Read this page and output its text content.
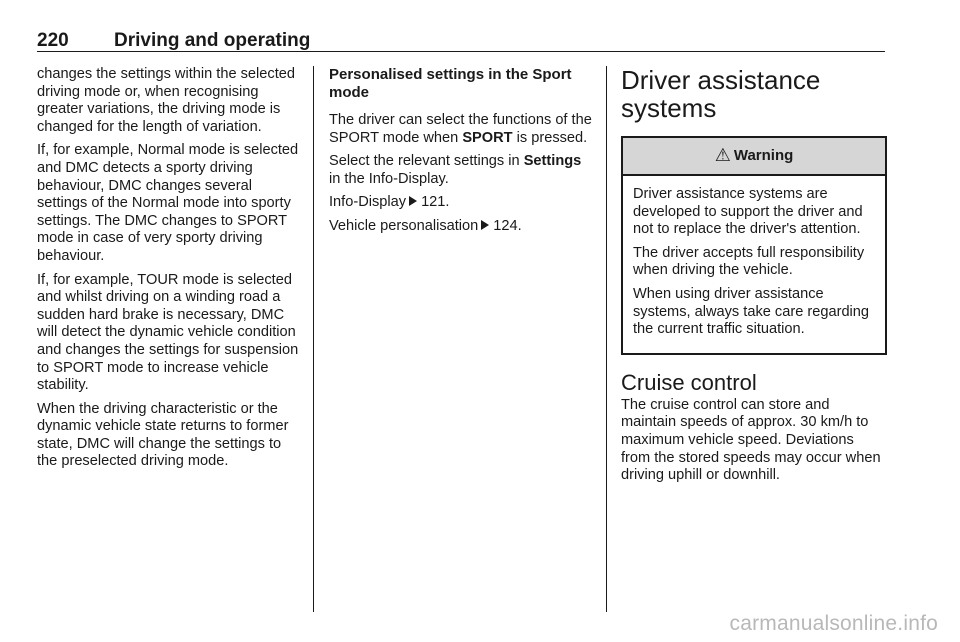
220 Driving and operating

changes the settings within the selected driving mode or, when recognising greater variations, the driving mode is changed for the length of variation.

If, for example, Normal mode is selected and DMC detects a sporty driving behaviour, DMC changes several settings of the Normal mode into sporty settings. The DMC changes to SPORT mode in case of very sporty driving behaviour.

If, for example, TOUR mode is selected and whilst driving on a winding road a sudden hard brake is necessary, DMC will detect the dynamic vehicle condition and changes the settings for suspension to SPORT mode to increase vehicle stability.

When the driving characteristic or the dynamic vehicle state returns to former state, DMC will change the settings to the preselected driving mode.

Personalised settings in the Sport mode

The driver can select the functions of the SPORT mode when SPORT is pressed.

Select the relevant settings in Settings in the Info-Display.

Info-Display 121.

Vehicle personalisation 124.

Driver assistance systems
⚠ Warning

Driver assistance systems are developed to support the driver and not to replace the driver's attention.

The driver accepts full responsibility when driving the vehicle.

When using driver assistance systems, always take care regarding the current traffic situation.

Cruise control

The cruise control can store and maintain speeds of approx. 30 km/h to maximum vehicle speed. Deviations from the stored speeds may occur when driving uphill or downhill.

carmanualsonline.info
